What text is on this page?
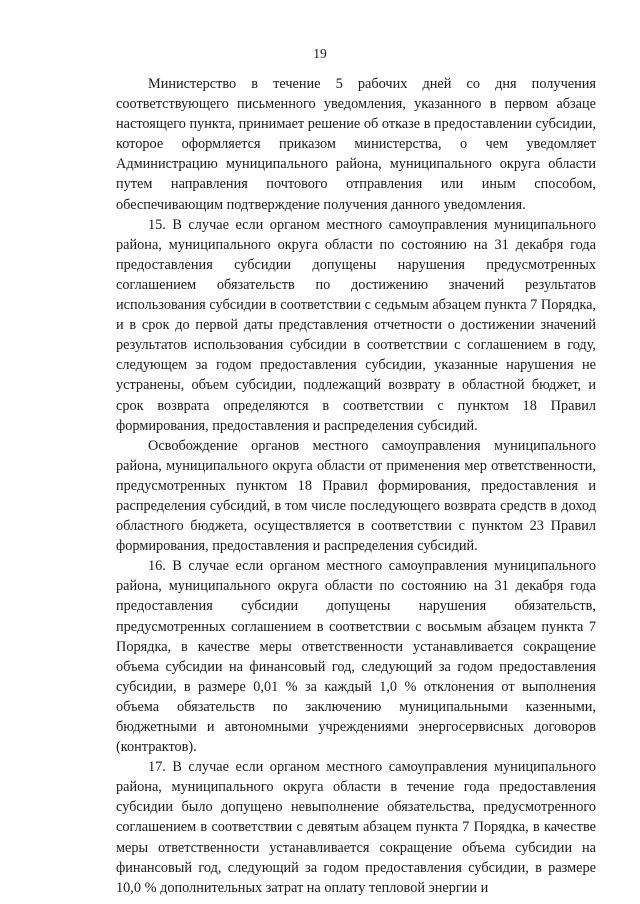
19

Министерство в течение 5 рабочих дней со дня получения соответствующего письменного уведомления, указанного в первом абзаце настоящего пункта, принимает решение об отказе в предоставлении субсидии, которое оформляется приказом министерства, о чем уведомляет Администрацию муниципального района, муниципального округа области путем направления почтового отправления или иным способом, обеспечивающим подтверждение получения данного уведомления.

15. В случае если органом местного самоуправления муниципального района, муниципального округа области по состоянию на 31 декабря года предоставления субсидии допущены нарушения предусмотренных соглашением обязательств по достижению значений результатов использования субсидии в соответствии с седьмым абзацем пункта 7 Порядка, и в срок до первой даты представления отчетности о достижении значений результатов использования субсидии в соответствии с соглашением в году, следующем за годом предоставления субсидии, указанные нарушения не устранены, объем субсидии, подлежащий возврату в областной бюджет, и срок возврата определяются в соответствии с пунктом 18 Правил формирования, предоставления и распределения субсидий.

Освобождение органов местного самоуправления муниципального района, муниципального округа области от применения мер ответственности, предусмотренных пунктом 18 Правил формирования, предоставления и распределения субсидий, в том числе последующего возврата средств в доход областного бюджета, осуществляется в соответствии с пунктом 23 Правил формирования, предоставления и распределения субсидий.

16. В случае если органом местного самоуправления муниципального района, муниципального округа области по состоянию на 31 декабря года предоставления субсидии допущены нарушения обязательств, предусмотренных соглашением в соответствии с восьмым абзацем пункта 7 Порядка, в качестве меры ответственности устанавливается сокращение объема субсидии на финансовый год, следующий за годом предоставления субсидии, в размере 0,01 % за каждый 1,0 % отклонения от выполнения объема обязательств по заключению муниципальными казенными, бюджетными и автономными учреждениями энергосервисных договоров (контрактов).

17. В случае если органом местного самоуправления муниципального района, муниципального округа области в течение года предоставления субсидии было допущено невыполнение обязательства, предусмотренного соглашением в соответствии с девятым абзацем пункта 7 Порядка, в качестве меры ответственности устанавливается сокращение объема субсидии на финансовый год, следующий за годом предоставления субсидии, в размере 10,0 % дополнительных затрат на оплату тепловой энергии и
